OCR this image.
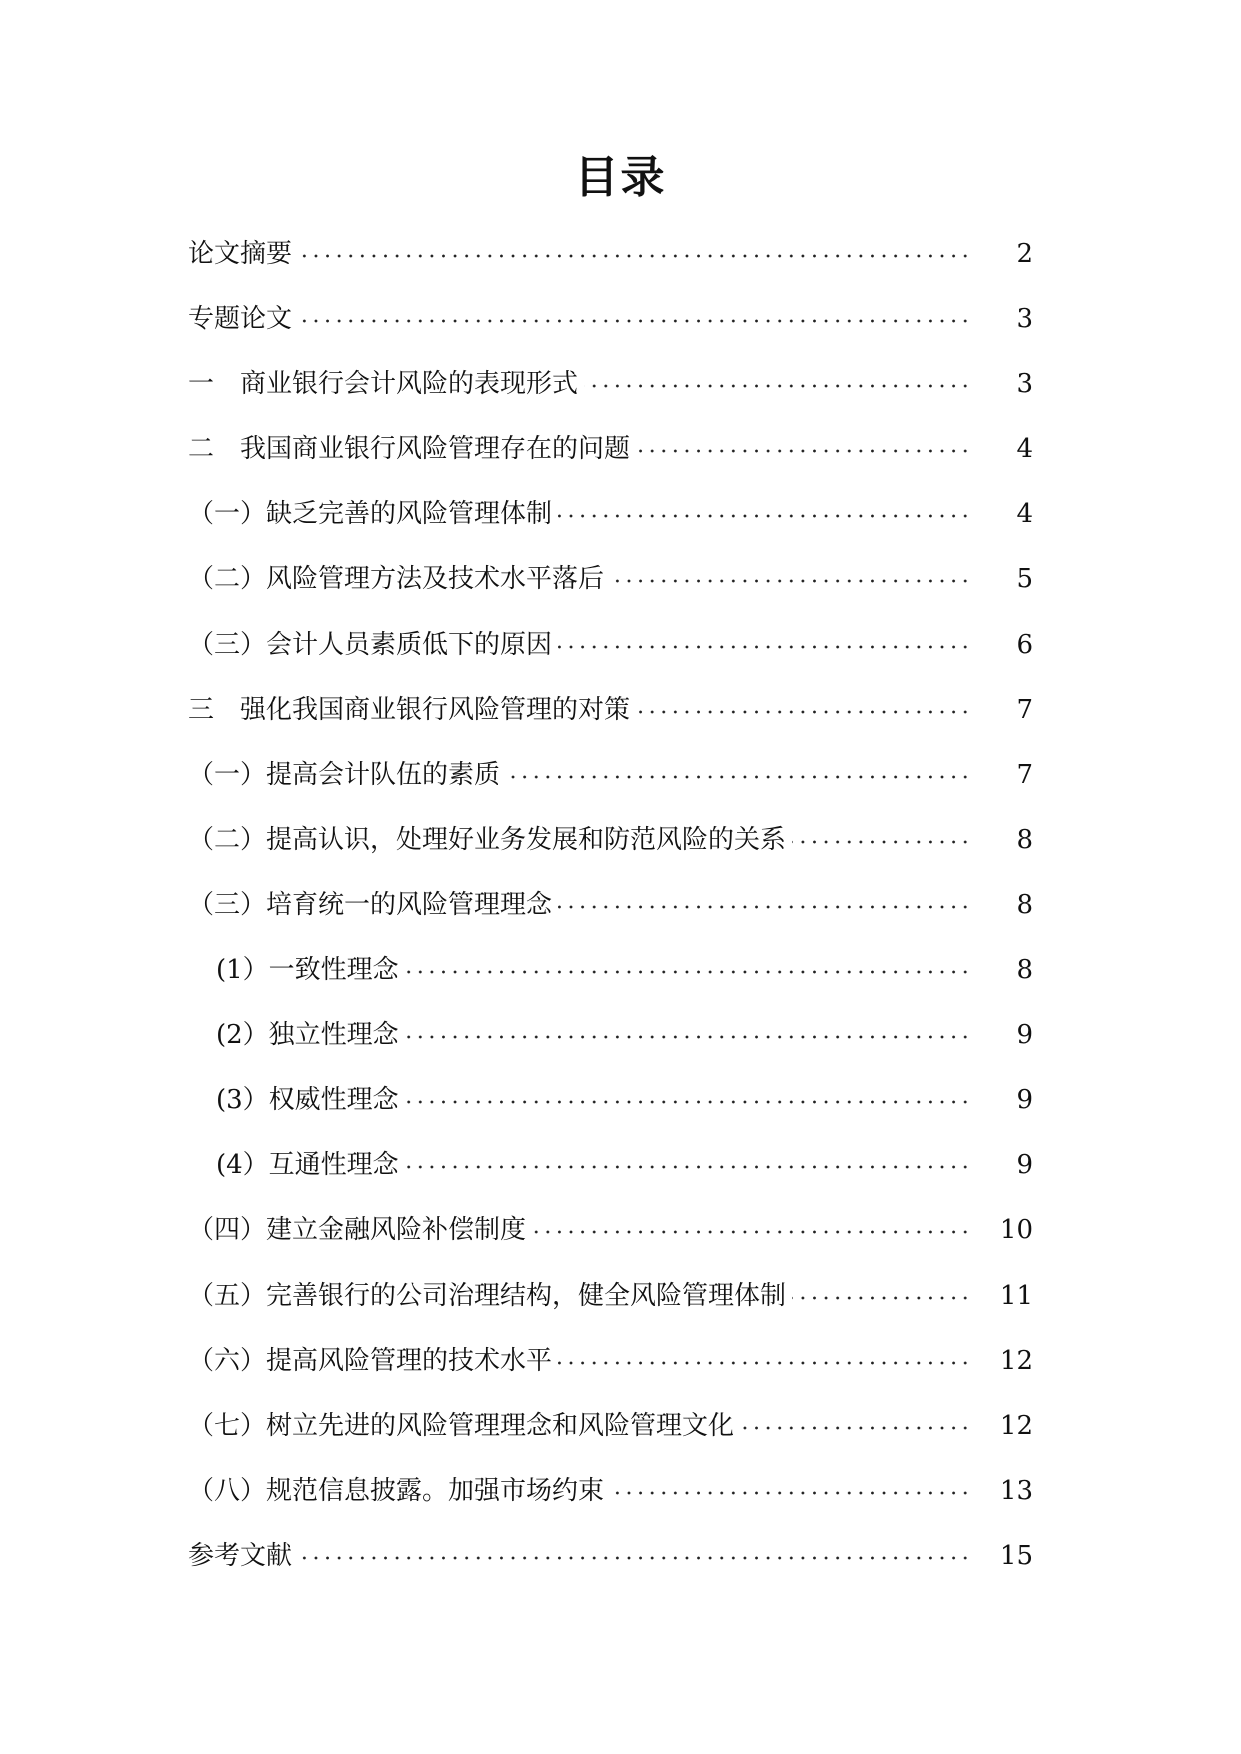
目录
论文摘要	2
专题论文	3
一　商业银行会计风险的表现形式	3
二　我国商业银行风险管理存在的问题	4
（一）缺乏完善的风险管理体制	4
（二）风险管理方法及技术水平落后	5
（三）会计人员素质低下的原因	6
三　强化我国商业银行风险管理的对策	7
（一）提高会计队伍的素质	7
（二）提高认识，处理好业务发展和防范风险的关系	8
（三）培育统一的风险管理理念	8
(1）一致性理念	8
(2）独立性理念	9
(3）权威性理念	9
(4）互通性理念	9
（四）建立金融风险补偿制度	10
（五）完善银行的公司治理结构，健全风险管理体制	11
（六）提高风险管理的技术水平	12
（七）树立先进的风险管理理念和风险管理文化	12
（八）规范信息披露。加强市场约束	13
参考文献	15
